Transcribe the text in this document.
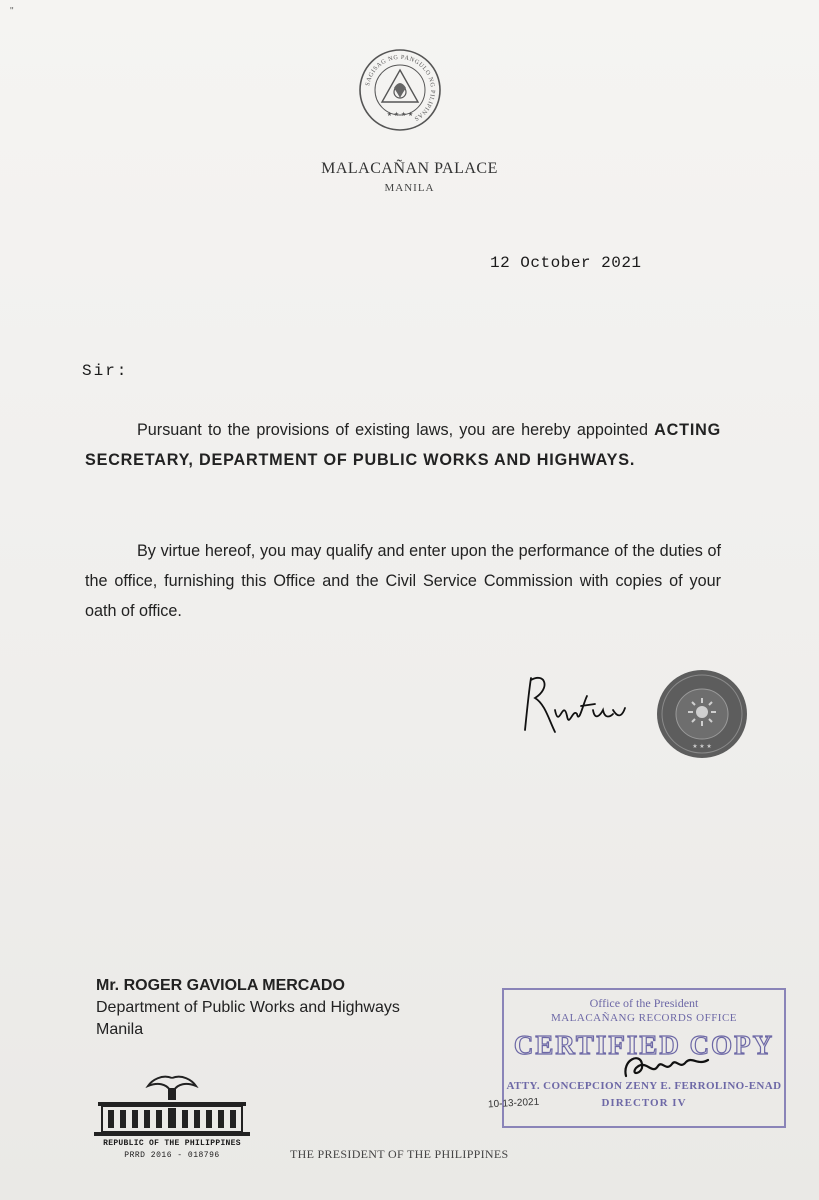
"
SAGISAG NG PANGULO NG PILIPINAS
★ ★ ★ ★
MALACAÑAN PALACE
MANILA
12 October 2021
Sir:
Pursuant to the provisions of existing laws, you are hereby appointed ACTING SECRETARY, DEPARTMENT OF PUBLIC WORKS AND HIGHWAYS.
By virtue hereof, you may qualify and enter upon the performance of the duties of the office, furnishing this Office and the Civil Service Commission with copies of your oath of office.
★ ★ ★
Mr. ROGER GAVIOLA MERCADO
Department of Public Works and Highways
Manila
Office of the President
MALACAÑANG RECORDS OFFICE
CERTIFIED COPY
ATTY. CONCEPCION ZENY E. FERROLINO-ENAD
DIRECTOR IV
10-13-2021
REPUBLIC OF THE PHILIPPINES
PRRD 2016 - 018796	THE PRESIDENT OF THE PHILIPPINES
